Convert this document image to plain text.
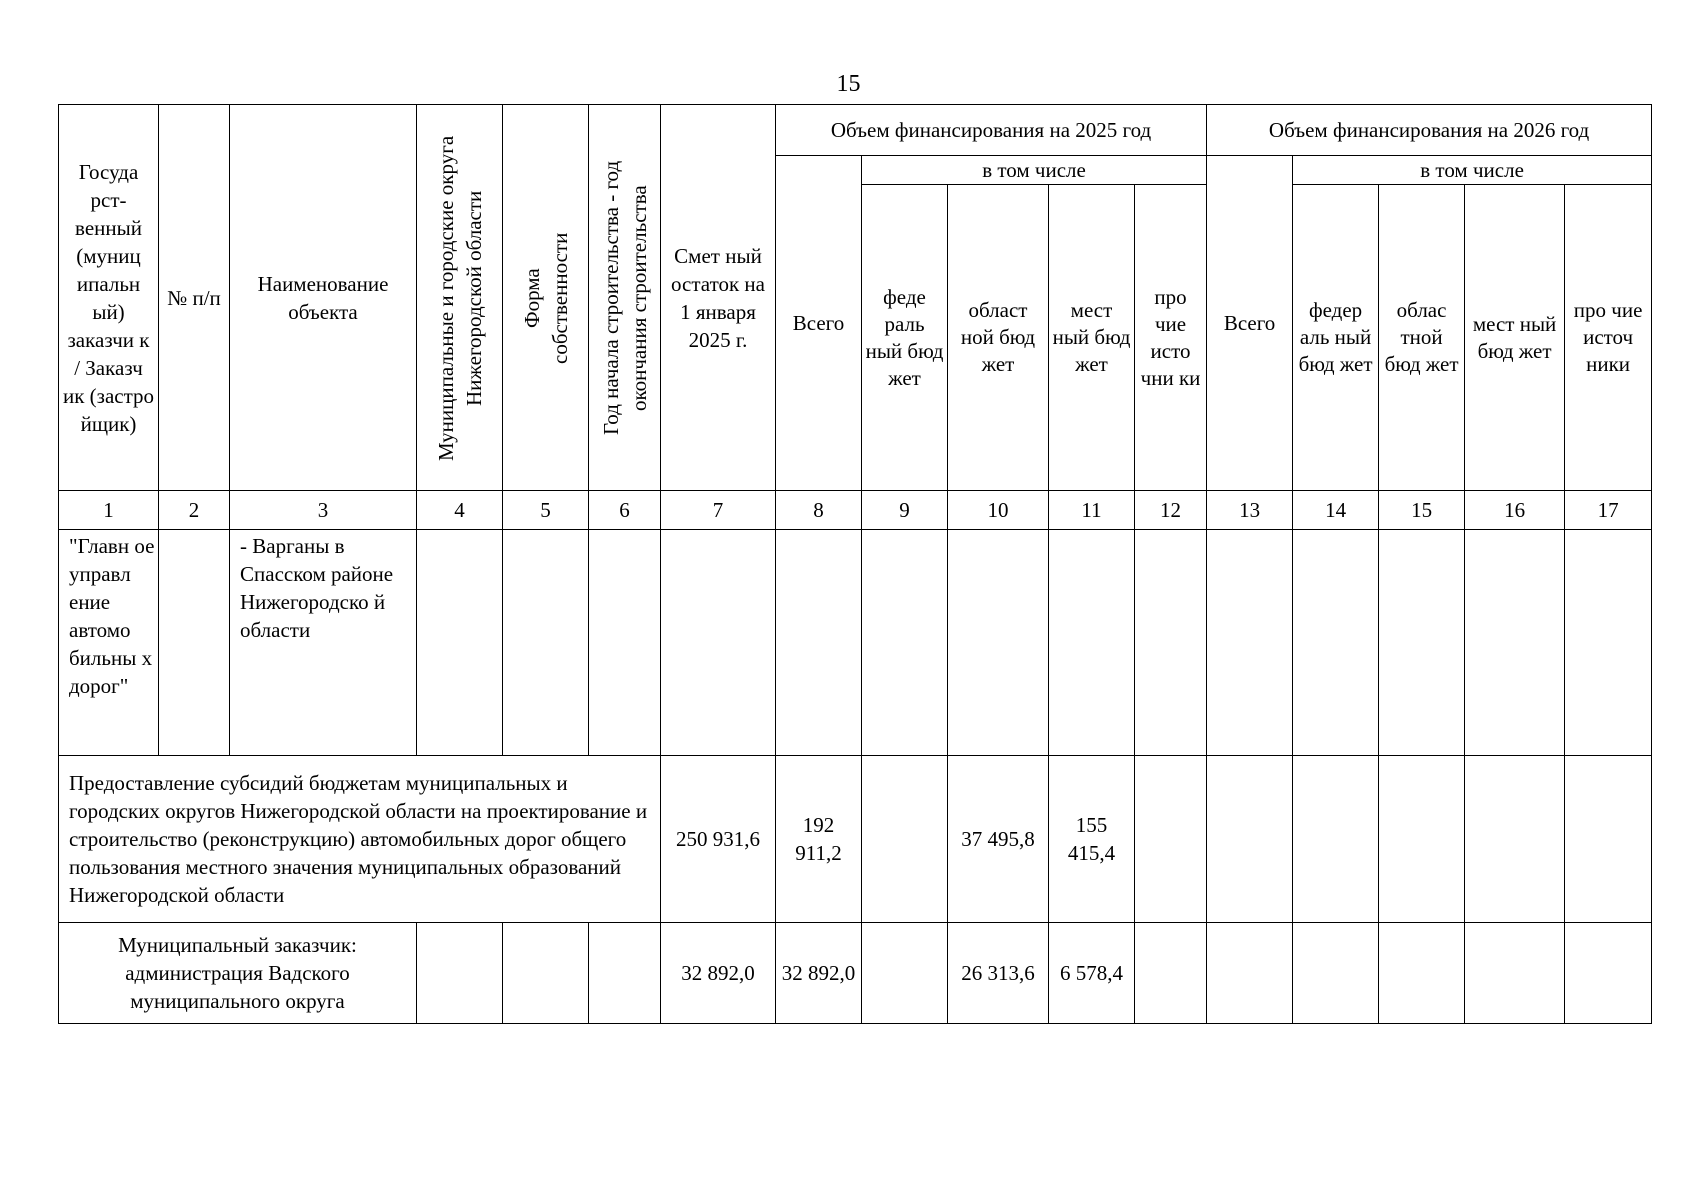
15
Госуда рст- венный (муниц ипальн ый) заказчи к / Заказч ик (застро йщик)	№ п/п	Наименование объекта	Муниципальные и городские округа Нижегородской области	Форма собственности	Год начала строительства - год окончания строительства	Смет ный остаток на 1 января 2025 г.	Объем финансирования на 2025 год					Объем финансирования на 2026 год				
							Всего	в том числе				Всего	в том числе			
								феде раль ный бюд жет	област ной бюд жет	мест ный бюд жет	про чие исто чни ки		федер аль ный бюд жет	облас тной бюд жет	мест ный бюд жет	про чие источ ники
1	2	3	4	5	6	7	8	9	10	11	12	13	14	15	16	17
"Главн ое управл ение автомо бильны х дорог"		- Варганы в Спасском районе Нижегородско й области														
Предоставление субсидий бюджетам муниципальных и городских округов Нижегородской области на проектирование и строительство (реконструкцию) автомобильных дорог общего пользования местного значения муниципальных образований Нижегородской области						250 931,6	192 911,2		37 495,8	155 415,4						
Муниципальный заказчик: администрация Вадского муниципального округа						32 892,0	32 892,0		26 313,6	6 578,4						
